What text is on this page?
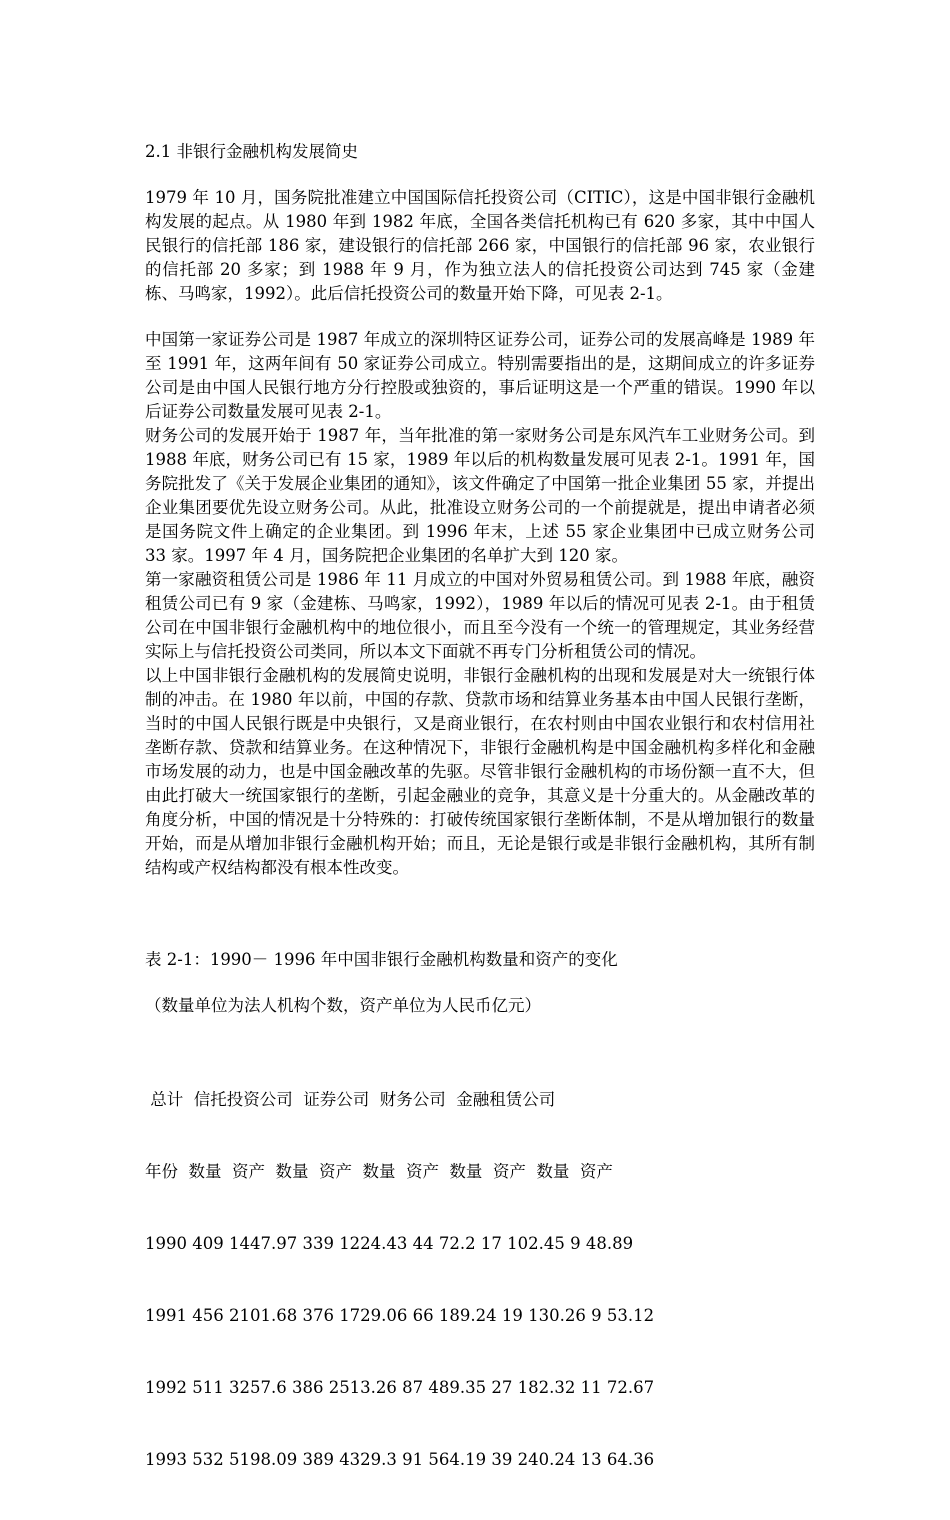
2.1 非银行金融机构发展简史

1979 年 10 月，国务院批准建立中国国际信托投资公司（CITIC），这是中国非银行金融机构发展的起点。从 1980 年到 1982 年底，全国各类信托机构已有 620 多家，其中中国人民银行的信托部 186 家，建设银行的信托部 266 家，中国银行的信托部 96 家，农业银行的信托部 20 多家；到 1988 年 9 月，作为独立法人的信托投资公司达到 745 家（金建栋、马鸣家，1992）。此后信托投资公司的数量开始下降，可见表 2-1。

中国第一家证券公司是 1987 年成立的深圳特区证券公司，证券公司的发展高峰是 1989 年至 1991 年，这两年间有 50 家证券公司成立。特别需要指出的是，这期间成立的许多证券公司是由中国人民银行地方分行控股或独资的，事后证明这是一个严重的错误。1990 年以后证券公司数量发展可见表 2-1。

财务公司的发展开始于 1987 年，当年批准的第一家财务公司是东风汽车工业财务公司。到 1988 年底，财务公司已有 15 家，1989 年以后的机构数量发展可见表 2-1。1991 年，国务院批发了《关于发展企业集团的通知》，该文件确定了中国第一批企业集团 55 家，并提出企业集团要优先设立财务公司。从此，批准设立财务公司的一个前提就是，提出申请者必须是国务院文件上确定的企业集团。到 1996 年末，上述 55 家企业集团中已成立财务公司 33 家。1997 年 4 月，国务院把企业集团的名单扩大到 120 家。

第一家融资租赁公司是 1986 年 11 月成立的中国对外贸易租赁公司。到 1988 年底，融资租赁公司已有 9 家（金建栋、马鸣家，1992），1989 年以后的情况可见表 2-1。由于租赁公司在中国非银行金融机构中的地位很小，而且至今没有一个统一的管理规定，其业务经营实际上与信托投资公司类同，所以本文下面就不再专门分析租赁公司的情况。

以上中国非银行金融机构的发展简史说明，非银行金融机构的出现和发展是对大一统银行体制的冲击。在 1980 年以前，中国的存款、贷款市场和结算业务基本由中国人民银行垄断，当时的中国人民银行既是中央银行，又是商业银行，在农村则由中国农业银行和农村信用社垄断存款、贷款和结算业务。在这种情况下，非银行金融机构是中国金融机构多样化和金融市场发展的动力，也是中国金融改革的先驱。尽管非银行金融机构的市场份额一直不大，但由此打破大一统国家银行的垄断，引起金融业的竞争，其意义是十分重大的。从金融改革的角度分析，中国的情况是十分特殊的：打破传统国家银行垄断体制，不是从增加银行的数量开始，而是从增加非银行金融机构开始；而且，无论是银行或是非银行金融机构，其所有制结构或产权结构都没有根本性改变。

表 2-1：1990－ 1996 年中国非银行金融机构数量和资产的变化

（数量单位为法人机构个数，资产单位为人民币亿元）

总计  信托投资公司  证券公司  财务公司  金融租赁公司

年份  数量  资产  数量  资产  数量  资产  数量  资产  数量  资产

1990 409 1447.97 339 1224.43 44 72.2 17 102.45 9 48.89

1991 456 2101.68 376 1729.06 66 189.24 19 130.26 9 53.12

1992 511 3257.6 386 2513.26 87 489.35 27 182.32 11 72.67

1993 532 5198.09 389 4329.3 91 564.19 39 240.24 13 64.36
